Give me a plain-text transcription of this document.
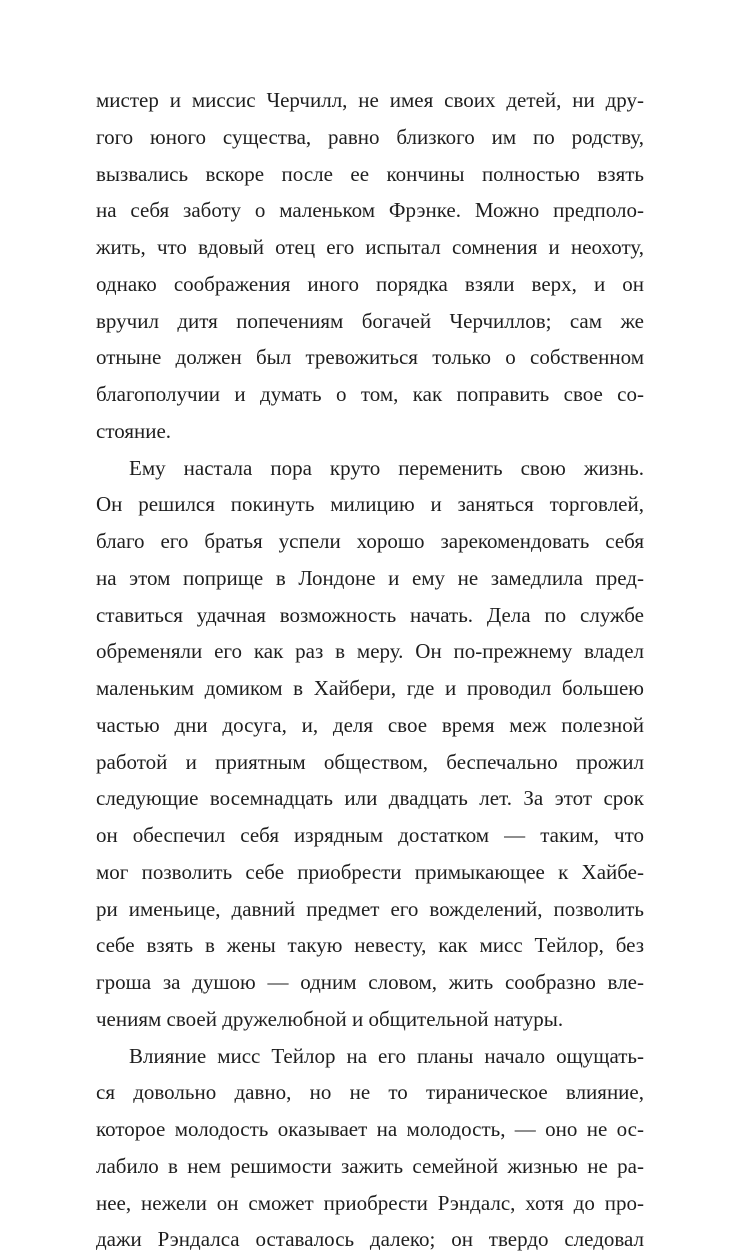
мистер и миссис Черчилл, не имея своих детей, ни дру-
гого юного существа, равно близкого им по родству,
вызвались вскоре после ее кончины полностью взять
на себя заботу о маленьком Фрэнке. Можно предполо-
жить, что вдовый отец его испытал сомнения и неохоту,
однако соображения иного порядка взяли верх, и он
вручил дитя попечениям богачей Черчиллов; сам же
отныне должен был тревожиться только о собственном
благополучии и думать о том, как поправить свое со-
стояние.
Ему настала пора круто переменить свою жизнь.
Он решился покинуть милицию и заняться торговлей,
благо его братья успели хорошо зарекомендовать себя
на этом поприще в Лондоне и ему не замедлила пред-
ставиться удачная возможность начать. Дела по службе
обременяли его как раз в меру. Он по-прежнему владел
маленьким домиком в Хайбери, где и проводил большею
частью дни досуга, и, деля свое время меж полезной
работой и приятным обществом, беспечально прожил
следующие восемнадцать или двадцать лет. За этот срок
он обеспечил себя изрядным достатком — таким, что
мог позволить себе приобрести примыкающее к Хайбе-
ри именьице, давний предмет его вожделений, позволить
себе взять в жены такую невесту, как мисс Тейлор, без
гроша за душою — одним словом, жить сообразно вле-
чениям своей дружелюбной и общительной натуры.
Влияние мисс Тейлор на его планы начало ощущать-
ся довольно давно, но не то тираническое влияние,
которое молодость оказывает на молодость, — оно не ос-
лабило в нем решимости зажить семейной жизнью не ра-
нее, нежели он сможет приобрести Рэндалс, хотя до про-
дажи Рэндалса оставалось далеко; он твердо следовал
